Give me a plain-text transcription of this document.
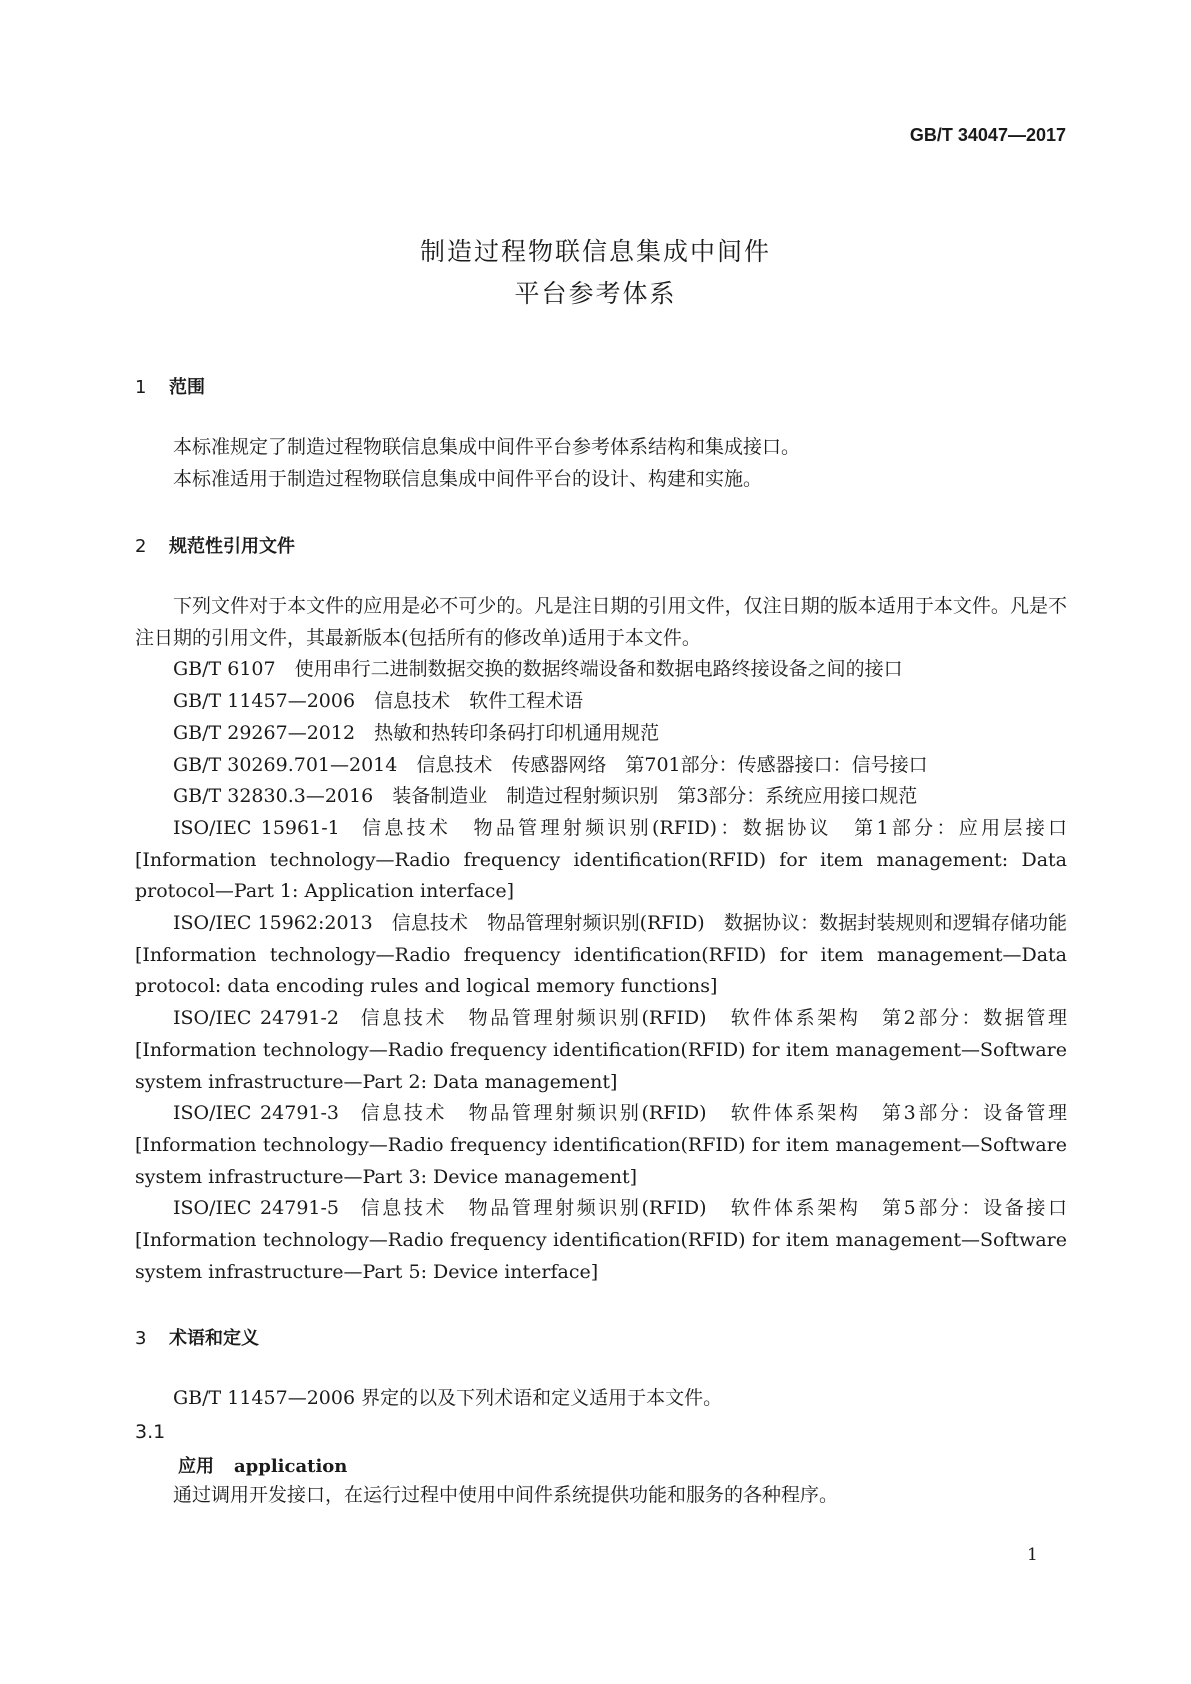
GB/T 34047—2017
制造过程物联信息集成中间件
平台参考体系
1 范围

本标准规定了制造过程物联信息集成中间件平台参考体系结构和集成接口。

本标准适用于制造过程物联信息集成中间件平台的设计、构建和实施。

2 规范性引用文件

下列文件对于本文件的应用是必不可少的。凡是注日期的引用文件，仅注日期的版本适用于本文件。凡是不注日期的引用文件，其最新版本(包括所有的修改单)适用于本文件。

GB/T 6107 使用串行二进制数据交换的数据终端设备和数据电路终接设备之间的接口

GB/T 11457—2006 信息技术　软件工程术语

GB/T 29267—2012 热敏和热转印条码打印机通用规范

GB/T 30269.701—2014 信息技术　传感器网络　第701部分：传感器接口：信号接口

GB/T 32830.3—2016 装备制造业　制造过程射频识别　第3部分：系统应用接口规范

ISO/IEC 15961-1 信息技术　物品管理射频识别(RFID)：数据协议　第1部分：应用层接口[Information technology—Radio frequency identification(RFID) for item management: Data protocol—Part 1: Application interface]

ISO/IEC 15962:2013 信息技术　物品管理射频识别(RFID)　数据协议：数据封装规则和逻辑存储功能[Information technology—Radio frequency identification(RFID) for item management—Data protocol: data encoding rules and logical memory functions]

ISO/IEC 24791-2 信息技术　物品管理射频识别(RFID)　软件体系架构　第2部分：数据管理[Information technology—Radio frequency identification(RFID) for item management—Software system infrastructure—Part 2: Data management]

ISO/IEC 24791-3 信息技术　物品管理射频识别(RFID)　软件体系架构　第3部分：设备管理[Information technology—Radio frequency identification(RFID) for item management—Software system infrastructure—Part 3: Device management]

ISO/IEC 24791-5 信息技术　物品管理射频识别(RFID)　软件体系架构　第5部分：设备接口[Information technology—Radio frequency identification(RFID) for item management—Software system infrastructure—Part 5: Device interface]

3 术语和定义

GB/T 11457—2006 界定的以及下列术语和定义适用于本文件。

3.1
应用 application

通过调用开发接口，在运行过程中使用中间件系统提供功能和服务的各种程序。

1
